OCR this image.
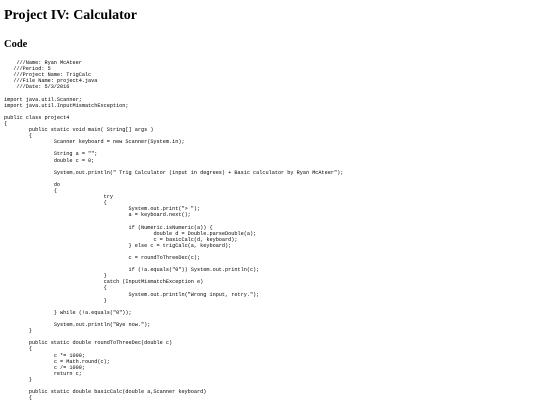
Project IV: Calculator
Code
///Name: Ryan McAteer
///Period: 5
///Project Name: TrigCalc
///File Name: project4.java
///Date: 5/3/2016

import java.util.Scanner;
import java.util.InputMismatchException;

public class project4
{
	public static void main( String[] args )
	{
		Scanner keyboard = new Scanner(System.in);

		String a = "";
		double c = 0;

		System.out.println(" Trig Calculator (input in degrees) + Basic calculator by Ryan McAteer");

		do
		{
				try
				{
					System.out.print("> ");
					a = keyboard.next();

					if (Numeric.isNumeric(a)) {
						double d = Double.parseDouble(a);
						c = basicCalc(d, keyboard);
					} else c = trigCalc(a, keyboard);

					c = roundToThreeDec(c);

					if (!a.equals("0")) System.out.println(c);
				}
				catch (InputMismatchException e)
				{
					System.out.println("Wrong input, retry.");
				}

		} while (!a.equals("0"));

		System.out.println("Bye now.");
	}

	public static double roundToThreeDec(double c)
	{
		c *= 1000;
		c = Math.round(c);
		c /= 1000;
		return c;
	}

	public static double basicCalc(double a,Scanner keyboard)
	{
